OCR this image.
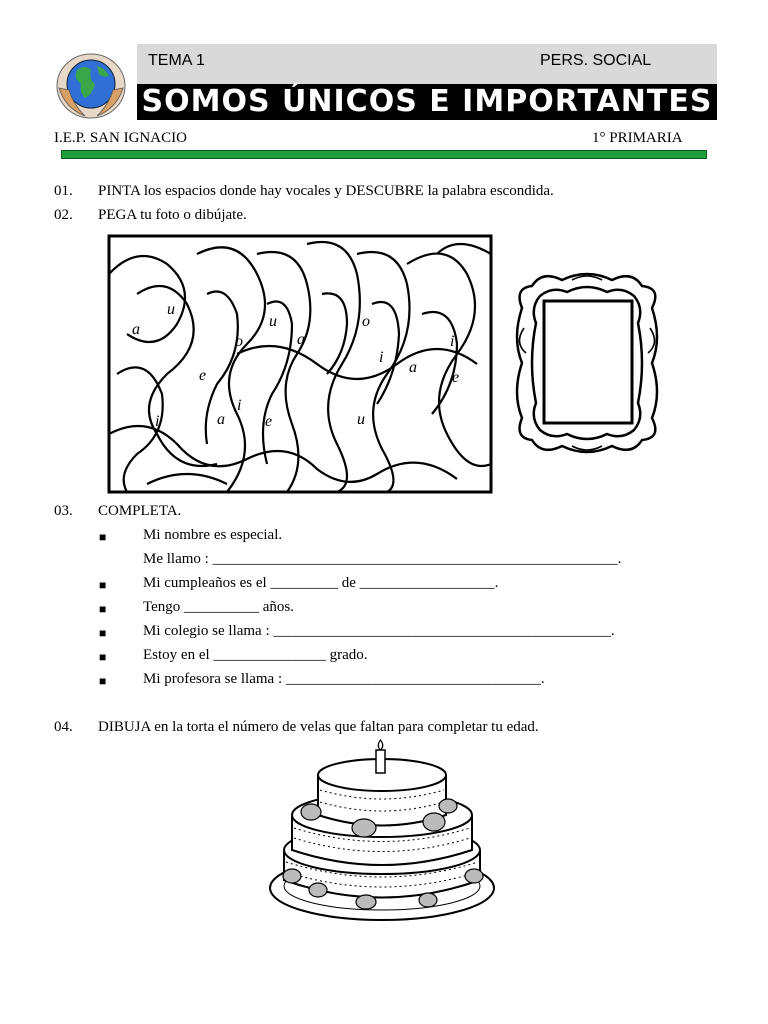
TEMA 1	PERS. SOCIAL
SOMOS ÚNICOS E IMPORTANTES
I.E.P. SAN IGNACIO	1° PRIMARIA
01. PINTA los espacios donde hay vocales y DESCUBRE la palabra escondida.
02. PEGA tu foto o dibújate.
a
u
o
u
a
o
e	a
i
a
i
e
i
e
u
i
03. COMPLETA.
■ Mi nombre es especial.
Me llamo : ______________________________________________________.
■ Mi cumpleaños es el _________ de __________________.
■ Tengo __________ años.
■ Mi colegio se llama : _____________________________________________.
■ Estoy en el _______________ grado.
■ Mi profesora se llama : __________________________________.
04. DIBUJA en la torta el número de velas que faltan para completar tu edad.
